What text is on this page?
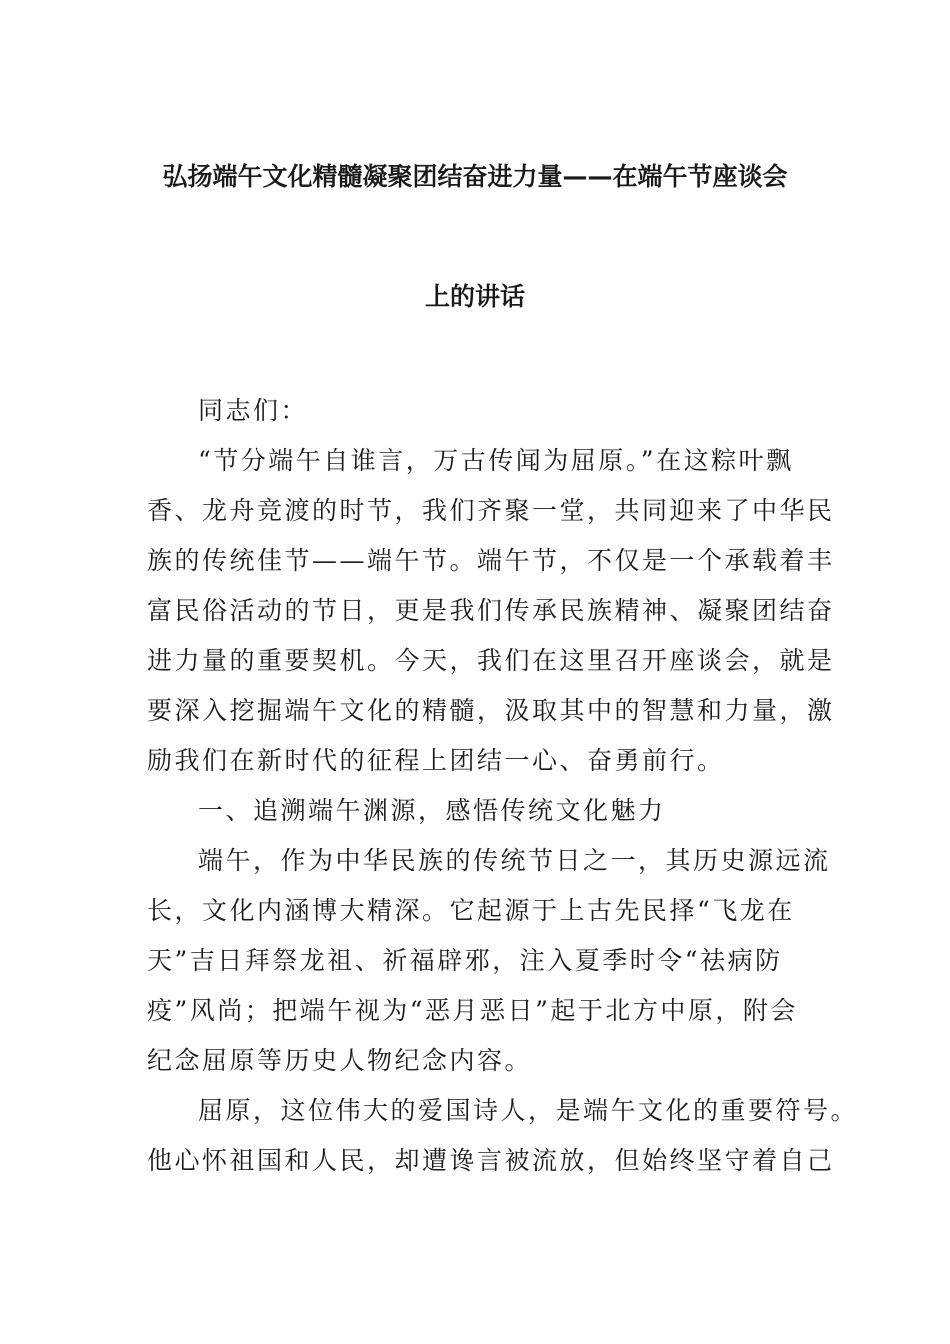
弘扬端午文化精髓凝聚团结奋进力量——在端午节座谈会
上的讲话
同志们：
“节分端午自谁言，万古传闻为屈原。”在这粽叶飘
香、龙舟竞渡的时节，我们齐聚一堂，共同迎来了中华民
族的传统佳节——端午节。端午节，不仅是一个承载着丰
富民俗活动的节日，更是我们传承民族精神、凝聚团结奋
进力量的重要契机。今天，我们在这里召开座谈会，就是
要深入挖掘端午文化的精髓，汲取其中的智慧和力量，激
励我们在新时代的征程上团结一心、奋勇前行。
一、追溯端午渊源，感悟传统文化魅力
端午，作为中华民族的传统节日之一，其历史源远流
长，文化内涵博大精深。它起源于上古先民择“飞龙在
天”吉日拜祭龙祖、祈福辟邪，注入夏季时令“祛病防
疫”风尚；把端午视为“恶月恶日”起于北方中原，附会
纪念屈原等历史人物纪念内容。
屈原，这位伟大的爱国诗人，是端午文化的重要符号。
他心怀祖国和人民，却遭谗言被流放，但始终坚守着自己
